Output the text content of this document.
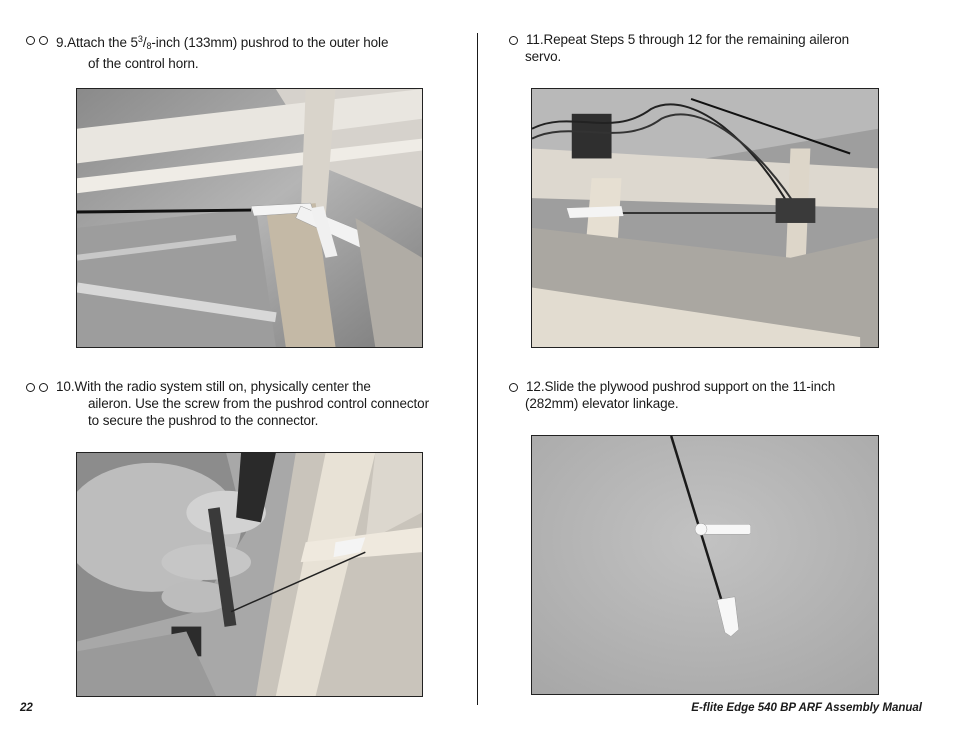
9.Attach the $5^3/_8$-inch (133mm) pushrod to the outer hole
of the control horn.
10.With the radio system still on, physically center the
aileron. Use the screw from the pushrod control connector
to secure the pushrod to the connector.
11.Repeat Steps 5 through 12 for the remaining aileron
servo.
12.Slide the plywood pushrod support on the 11-inch
(282mm) elevator linkage.
22	E-flite Edge 540 BP ARF Assembly Manual
